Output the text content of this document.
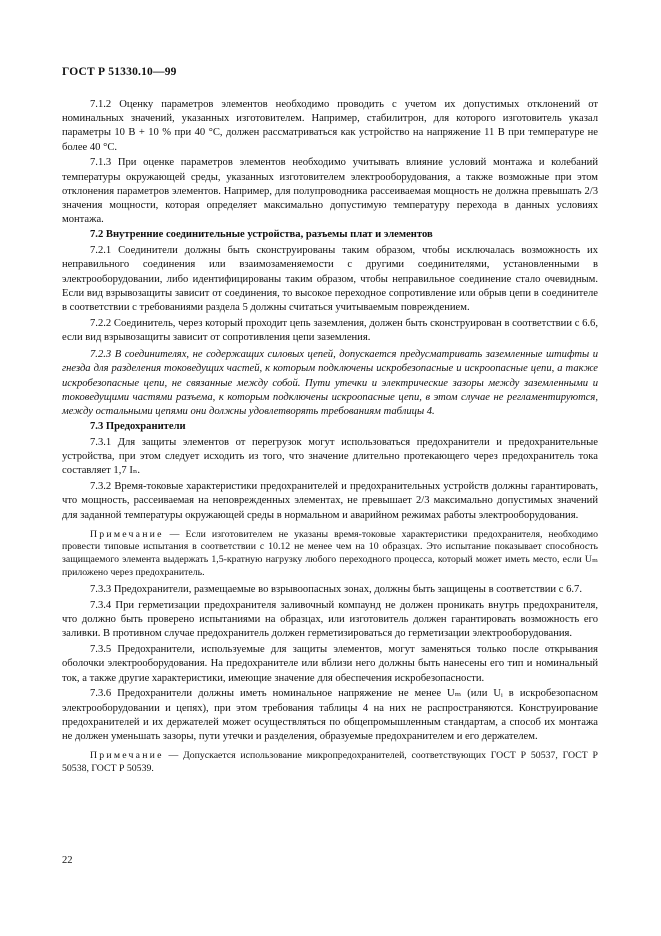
ГОСТ Р 51330.10—99

7.1.2 Оценку параметров элементов необходимо проводить с учетом их допустимых отклонений от номинальных значений, указанных изготовителем. Например, стабилитрон, для которого изготовитель указал параметры 10 В + 10 % при 40 °С, должен рассматриваться как устройство на напряжение 11 В при температуре не более 40 °С.

7.1.3 При оценке параметров элементов необходимо учитывать влияние условий монтажа и колебаний температуры окружающей среды, указанных изготовителем электрооборудования, а также возможные при этом отклонения параметров элементов. Например, для полупроводника рассеиваемая мощность не должна превышать 2/3 значения мощности, которая определяет максимально допустимую температуру перехода в данных условиях монтажа.

7.2 Внутренние соединительные устройства, разъемы плат и элементов

7.2.1 Соединители должны быть сконструированы таким образом, чтобы исключалась возможность их неправильного соединения или взаимозаменяемости с другими соединителями, установленными в электрооборудовании, либо идентифицированы таким образом, чтобы неправильное соединение стало очевидным. Если вид взрывозащиты зависит от соединения, то высокое переходное сопротивление или обрыв цепи в соединителе в соответствии с требованиями раздела 5 должны считаться учитываемым повреждением.

7.2.2 Соединитель, через который проходит цепь заземления, должен быть сконструирован в соответствии с 6.6, если вид взрывозащиты зависит от сопротивления цепи заземления.

7.2.3 В соединителях, не содержащих силовых цепей, допускается предусматривать заземленные штифты и гнезда для разделения токоведущих частей, к которым подключены искробезопасные и искроопасные цепи, а также искробезопасные цепи, не связанные между собой. Пути утечки и электрические зазоры между заземленными и токоведущими частями разъема, к которым подключены искроопасные цепи, в этом случае не регламентируются, между остальными цепями они должны удовлетворять требованиям таблицы 4.

7.3 Предохранители

7.3.1 Для защиты элементов от перегрузок могут использоваться предохранители и предохранительные устройства, при этом следует исходить из того, что значение длительно протекающего через предохранитель тока составляет 1,7 Iₙ.

7.3.2 Время-токовые характеристики предохранителей и предохранительных устройств должны гарантировать, что мощность, рассеиваемая на неповрежденных элементах, не превышает 2/3 максимально допустимых значений для заданной температуры окружающей среды в нормальном и аварийном режимах работы электрооборудования.

Примечание — Если изготовителем не указаны время-токовые характеристики предохранителя, необходимо провести типовые испытания в соответствии с 10.12 не менее чем на 10 образцах. Это испытание показывает способность защищаемого элемента выдержать 1,5-кратную нагрузку любого переходного процесса, который может иметь место, если Uₘ приложено через предохранитель.

7.3.3 Предохранители, размещаемые во взрывоопасных зонах, должны быть защищены в соответствии с 6.7.

7.3.4 При герметизации предохранителя заливочный компаунд не должен проникать внутрь предохранителя, что должно быть проверено испытаниями на образцах, или изготовитель должен гарантировать возможность его заливки. В противном случае предохранитель должен герметизироваться до герметизации электрооборудования.

7.3.5 Предохранители, используемые для защиты элементов, могут заменяться только после открывания оболочки электрооборудования. На предохранителе или вблизи него должны быть нанесены его тип и номинальный ток, а также другие характеристики, имеющие значение для обеспечения искробезопасности.

7.3.6 Предохранители должны иметь номинальное напряжение не менее Uₘ (или Uᵢ в искробезопасном электрооборудовании и цепях), при этом требования таблицы 4 на них не распространяются. Конструирование предохранителей и их держателей может осуществляться по общепромышленным стандартам, а способ их монтажа не должен уменьшать зазоры, пути утечки и разделения, образуемые предохранителем и его держателем.

Примечание — Допускается использование микропредохранителей, соответствующих ГОСТ Р 50537, ГОСТ Р 50538, ГОСТ Р 50539.

22
